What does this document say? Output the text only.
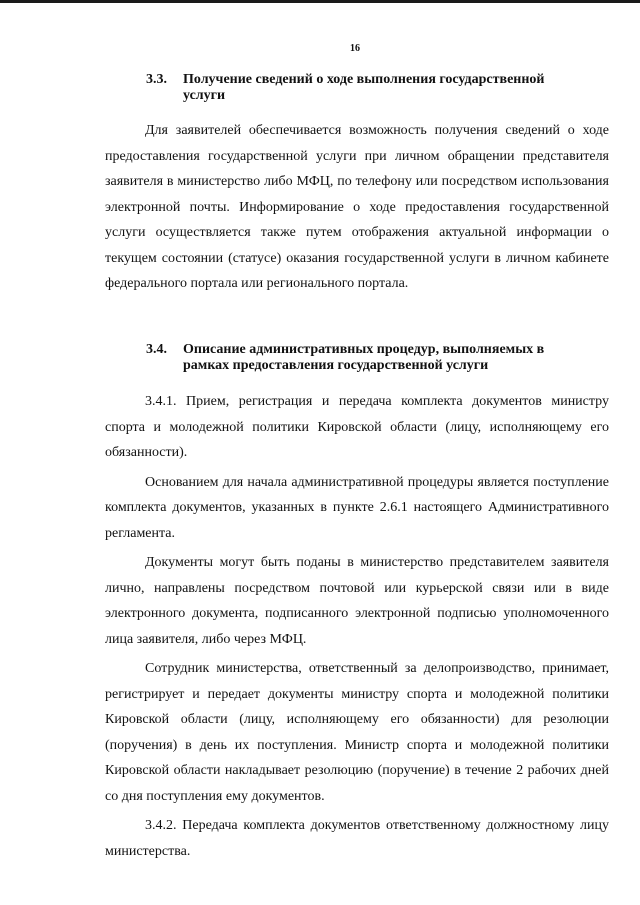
16
3.3. Получение сведений о ходе выполнения государственной
услуги

Для заявителей обеспечивается возможность получения сведений о ходе предоставления государственной услуги при личном обращении представителя заявителя в министерство либо МФЦ, по телефону или посредством использования электронной почты. Информирование о ходе предоставления государственной услуги осуществляется также путем отображения актуальной информации о текущем состоянии (статусе) оказания государственной услуги в личном кабинете федерального портала или регионального портала.

3.4. Описание административных процедур, выполняемых в
рамках предоставления государственной услуги

3.4.1. Прием, регистрация и передача комплекта документов министру спорта и молодежной политики Кировской области (лицу, исполняющему его обязанности).

Основанием для начала административной процедуры является поступление комплекта документов, указанных в пункте 2.6.1 настоящего Административного регламента.

Документы могут быть поданы в министерство представителем заявителя лично, направлены посредством почтовой или курьерской связи или в виде электронного документа, подписанного электронной подписью уполномоченного лица заявителя, либо через МФЦ.

Сотрудник министерства, ответственный за делопроизводство, принимает, регистрирует и передает документы министру спорта и молодежной политики Кировской области (лицу, исполняющему его обязанности) для резолюции (поручения) в день их поступления. Министр спорта и молодежной политики Кировской области накладывает резолюцию (поручение) в течение 2 рабочих дней со дня поступления ему документов.

3.4.2. Передача комплекта документов ответственному должностному лицу министерства.
